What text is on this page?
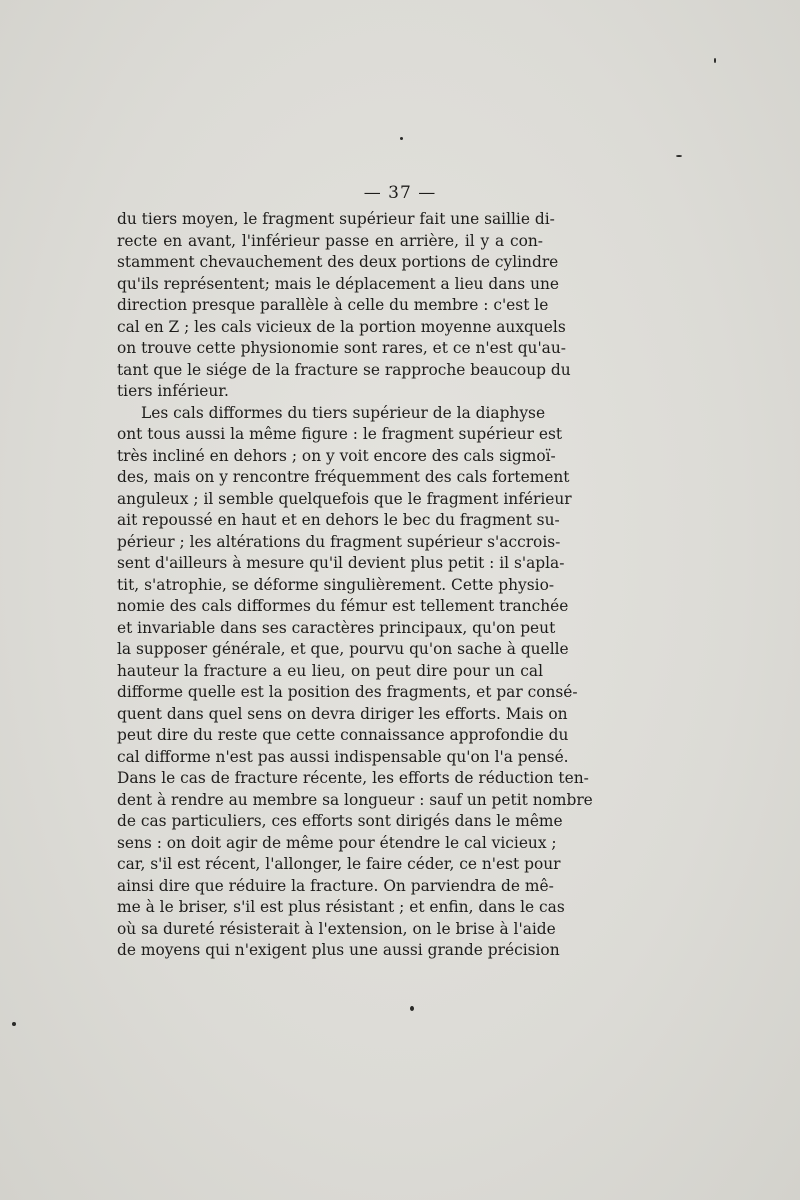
— 37 —
du tiers moyen, le fragment supérieur fait une saillie di-
recte en avant, l'inférieur passe en arrière, il y a con-
stamment chevauchement des deux portions de cylindre
qu'ils représentent; mais le déplacement a lieu dans une
direction presque parallèle à celle du membre : c'est le
cal en Z ; les cals vicieux de la portion moyenne auxquels
on trouve cette physionomie sont rares, et ce n'est qu'au-
tant que le siége de la fracture se rapproche beaucoup du
tiers inférieur.
Les cals difformes du tiers supérieur de la diaphyse
ont tous aussi la même figure : le fragment supérieur est
très incliné en dehors ; on y voit encore des cals sigmoï-
des, mais on y rencontre fréquemment des cals fortement
anguleux ; il semble quelquefois que le fragment inférieur
ait repoussé en haut et en dehors le bec du fragment su-
périeur ; les altérations du fragment supérieur s'accrois-
sent d'ailleurs à mesure qu'il devient plus petit : il s'apla-
tit, s'atrophie, se déforme singulièrement. Cette physio-
nomie des cals difformes du fémur est tellement tranchée
et invariable dans ses caractères principaux, qu'on peut
la supposer générale, et que, pourvu qu'on sache à quelle
hauteur la fracture a eu lieu, on peut dire pour un cal
difforme quelle est la position des fragments, et par consé-
quent dans quel sens on devra diriger les efforts. Mais on
peut dire du reste que cette connaissance approfondie du
cal difforme n'est pas aussi indispensable qu'on l'a pensé.
Dans le cas de fracture récente, les efforts de réduction ten-
dent à rendre au membre sa longueur : sauf un petit nombre
de cas particuliers, ces efforts sont dirigés dans le même
sens : on doit agir de même pour étendre le cal vicieux ;
car, s'il est récent, l'allonger, le faire céder, ce n'est pour
ainsi dire que réduire la fracture. On parviendra de mê-
me à le briser, s'il est plus résistant ; et enfin, dans le cas
où sa dureté résisterait à l'extension, on le brise à l'aide
de moyens qui n'exigent plus une aussi grande précision
